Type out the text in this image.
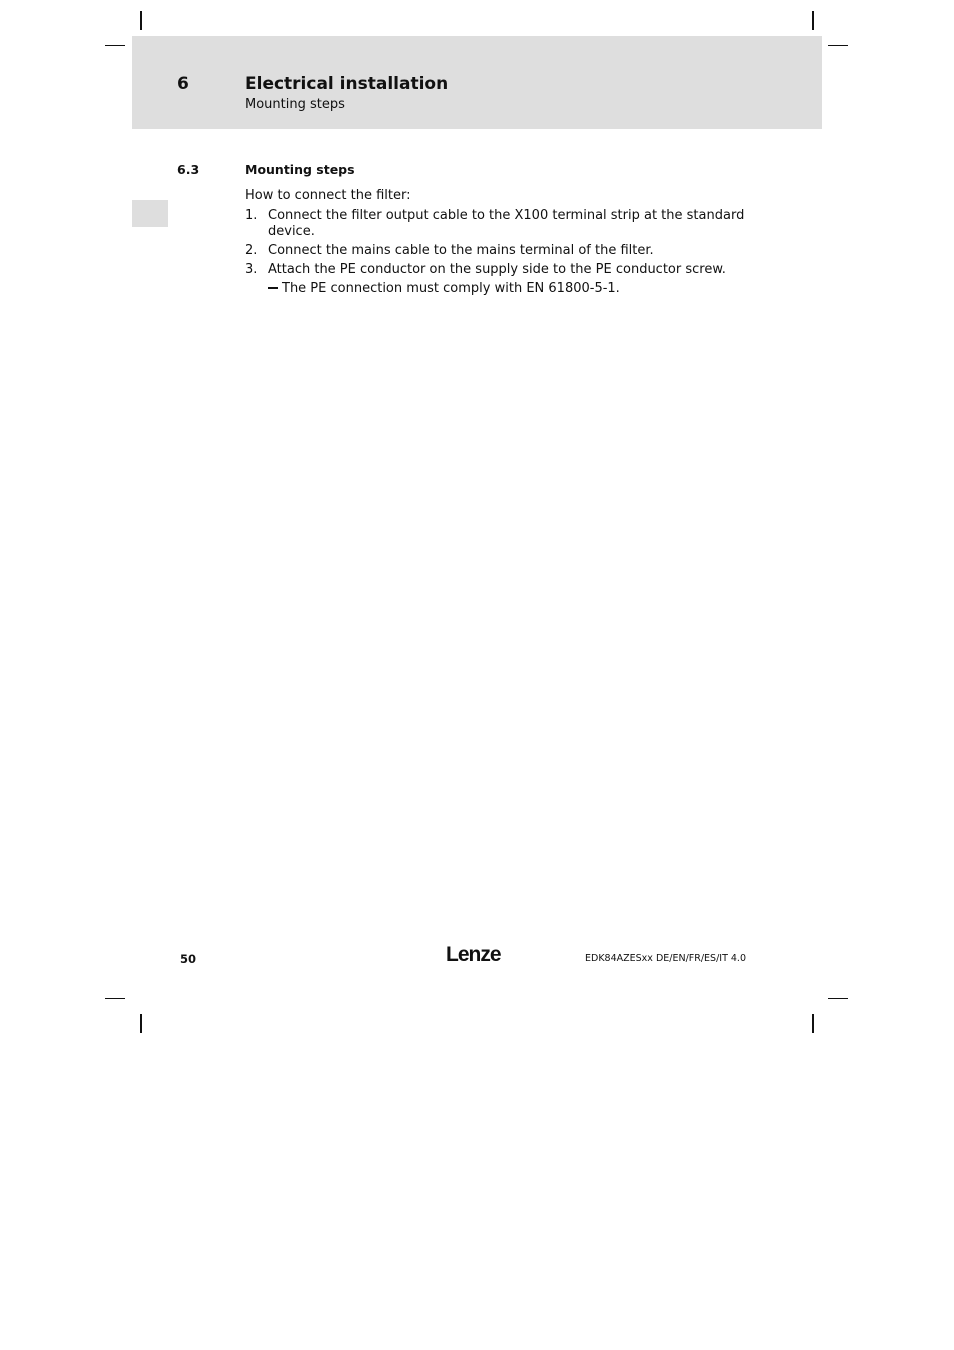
6	Electrical installation
Mounting steps
6.3	Mounting steps

How to connect the filter:

1. Connect the filter output cable to the X100 terminal strip at the standard device.
2. Connect the mains cable to the mains terminal of the filter.
3. Attach the PE conductor on the supply side to the PE conductor screw.
The PE connection must comply with EN 61800-5-1.
50	Lenze	EDK84AZESxx DE/EN/FR/ES/IT 4.0
